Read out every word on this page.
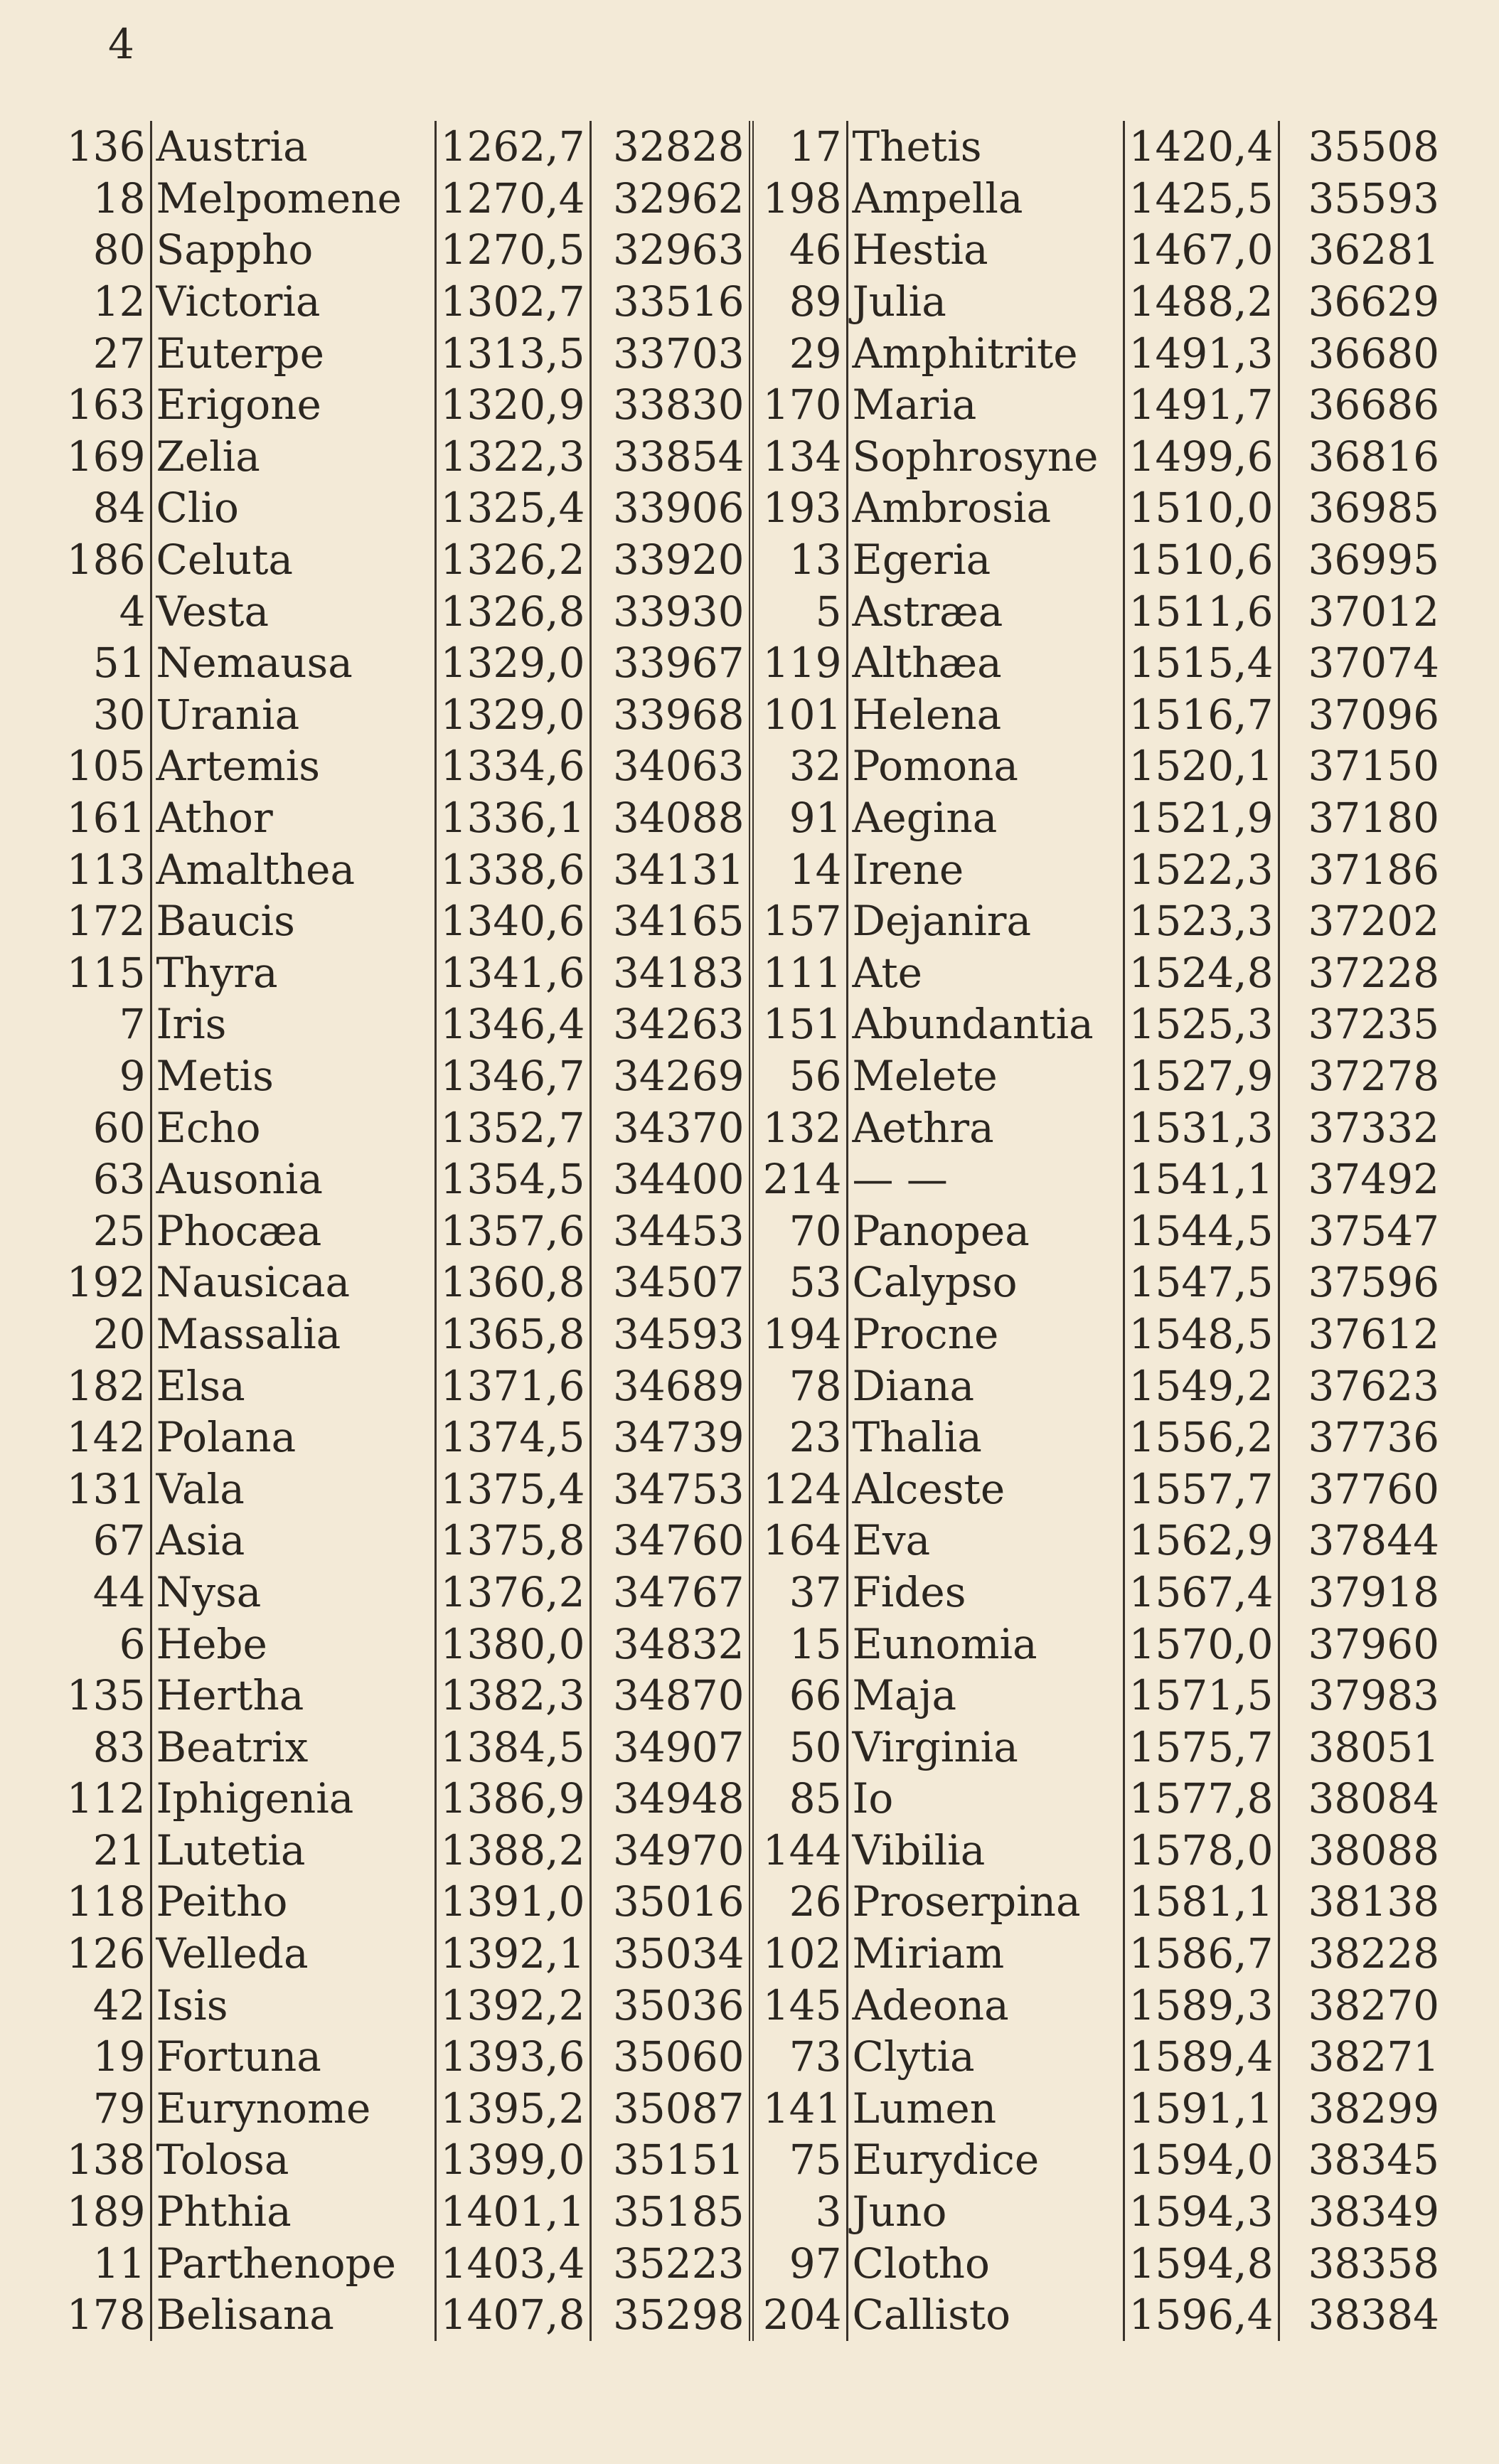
4
136	Austria	1262,7	32828	17	Thetis	1420,4	35508
18	Melpomene	1270,4	32962	198	Ampella	1425,5	35593
80	Sappho	1270,5	32963	46	Hestia	1467,0	36281
12	Victoria	1302,7	33516	89	Julia	1488,2	36629
27	Euterpe	1313,5	33703	29	Amphitrite	1491,3	36680
163	Erigone	1320,9	33830	170	Maria	1491,7	36686
169	Zelia	1322,3	33854	134	Sophrosyne	1499,6	36816
84	Clio	1325,4	33906	193	Ambrosia	1510,0	36985
186	Celuta	1326,2	33920	13	Egeria	1510,6	36995
4	Vesta	1326,8	33930	5	Astræa	1511,6	37012
51	Nemausa	1329,0	33967	119	Althæa	1515,4	37074
30	Urania	1329,0	33968	101	Helena	1516,7	37096
105	Artemis	1334,6	34063	32	Pomona	1520,1	37150
161	Athor	1336,1	34088	91	Aegina	1521,9	37180
113	Amalthea	1338,6	34131	14	Irene	1522,3	37186
172	Baucis	1340,6	34165	157	Dejanira	1523,3	37202
115	Thyra	1341,6	34183	111	Ate	1524,8	37228
7	Iris	1346,4	34263	151	Abundantia	1525,3	37235
9	Metis	1346,7	34269	56	Melete	1527,9	37278
60	Echo	1352,7	34370	132	Aethra	1531,3	37332
63	Ausonia	1354,5	34400	214	— —	1541,1	37492
25	Phocæa	1357,6	34453	70	Panopea	1544,5	37547
192	Nausicaa	1360,8	34507	53	Calypso	1547,5	37596
20	Massalia	1365,8	34593	194	Procne	1548,5	37612
182	Elsa	1371,6	34689	78	Diana	1549,2	37623
142	Polana	1374,5	34739	23	Thalia	1556,2	37736
131	Vala	1375,4	34753	124	Alceste	1557,7	37760
67	Asia	1375,8	34760	164	Eva	1562,9	37844
44	Nysa	1376,2	34767	37	Fides	1567,4	37918
6	Hebe	1380,0	34832	15	Eunomia	1570,0	37960
135	Hertha	1382,3	34870	66	Maja	1571,5	37983
83	Beatrix	1384,5	34907	50	Virginia	1575,7	38051
112	Iphigenia	1386,9	34948	85	Io	1577,8	38084
21	Lutetia	1388,2	34970	144	Vibilia	1578,0	38088
118	Peitho	1391,0	35016	26	Proserpina	1581,1	38138
126	Velleda	1392,1	35034	102	Miriam	1586,7	38228
42	Isis	1392,2	35036	145	Adeona	1589,3	38270
19	Fortuna	1393,6	35060	73	Clytia	1589,4	38271
79	Eurynome	1395,2	35087	141	Lumen	1591,1	38299
138	Tolosa	1399,0	35151	75	Eurydice	1594,0	38345
189	Phthia	1401,1	35185	3	Juno	1594,3	38349
11	Parthenope	1403,4	35223	97	Clotho	1594,8	38358
178	Belisana	1407,8	35298	204	Callisto	1596,4	38384
